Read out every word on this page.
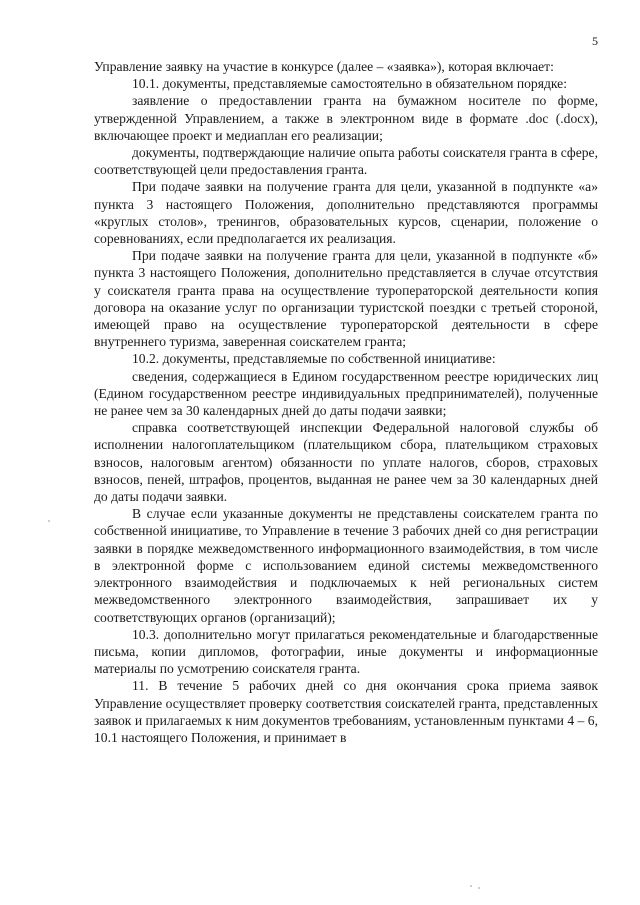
5

Управление заявку на участие в конкурсе (далее – «заявка»), которая включает:

10.1. документы, представляемые самостоятельно в обязательном порядке:

заявление о предоставлении гранта на бумажном носителе по форме, утвержденной Управлением, а также в электронном виде в формате .doc (.docx), включающее проект и медиаплан его реализации;

документы, подтверждающие наличие опыта работы соискателя гранта в сфере, соответствующей цели предоставления гранта.

При подаче заявки на получение гранта для цели, указанной в подпункте «а» пункта 3 настоящего Положения, дополнительно представляются программы «круглых столов», тренингов, образовательных курсов, сценарии, положение о соревнованиях, если предполагается их реализация.

При подаче заявки на получение гранта для цели, указанной в подпункте «б» пункта 3 настоящего Положения, дополнительно представляется в случае отсутствия у соискателя гранта права на осуществление туроператорской деятельности копия договора на оказание услуг по организации туристской поездки с третьей стороной, имеющей право на осуществление туроператорской деятельности в сфере внутреннего туризма, заверенная соискателем гранта;

10.2. документы, представляемые по собственной инициативе:

сведения, содержащиеся в Едином государственном реестре юридических лиц (Едином государственном реестре индивидуальных предпринимателей), полученные не ранее чем за 30 календарных дней до даты подачи заявки;

справка соответствующей инспекции Федеральной налоговой службы об исполнении налогоплательщиком (плательщиком сбора, плательщиком страховых взносов, налоговым агентом) обязанности по уплате налогов, сборов, страховых взносов, пеней, штрафов, процентов, выданная не ранее чем за 30 календарных дней до даты подачи заявки.

В случае если указанные документы не представлены соискателем гранта по собственной инициативе, то Управление в течение 3 рабочих дней со дня регистрации заявки в порядке межведомственного информационного взаимодействия, в том числе в электронной форме с использованием единой системы межведомственного электронного взаимодействия и подключаемых к ней региональных систем межведомственного электронного взаимодействия, запрашивает их у соответствующих органов (организаций);

10.3. дополнительно могут прилагаться рекомендательные и благодарственные письма, копии дипломов, фотографии, иные документы и информационные материалы по усмотрению соискателя гранта.

11. В течение 5 рабочих дней со дня окончания срока приема заявок Управление осуществляет проверку соответствия соискателей гранта, представленных заявок и прилагаемых к ним документов требованиям, установленным пунктами 4 – 6, 10.1 настоящего Положения, и принимает в
